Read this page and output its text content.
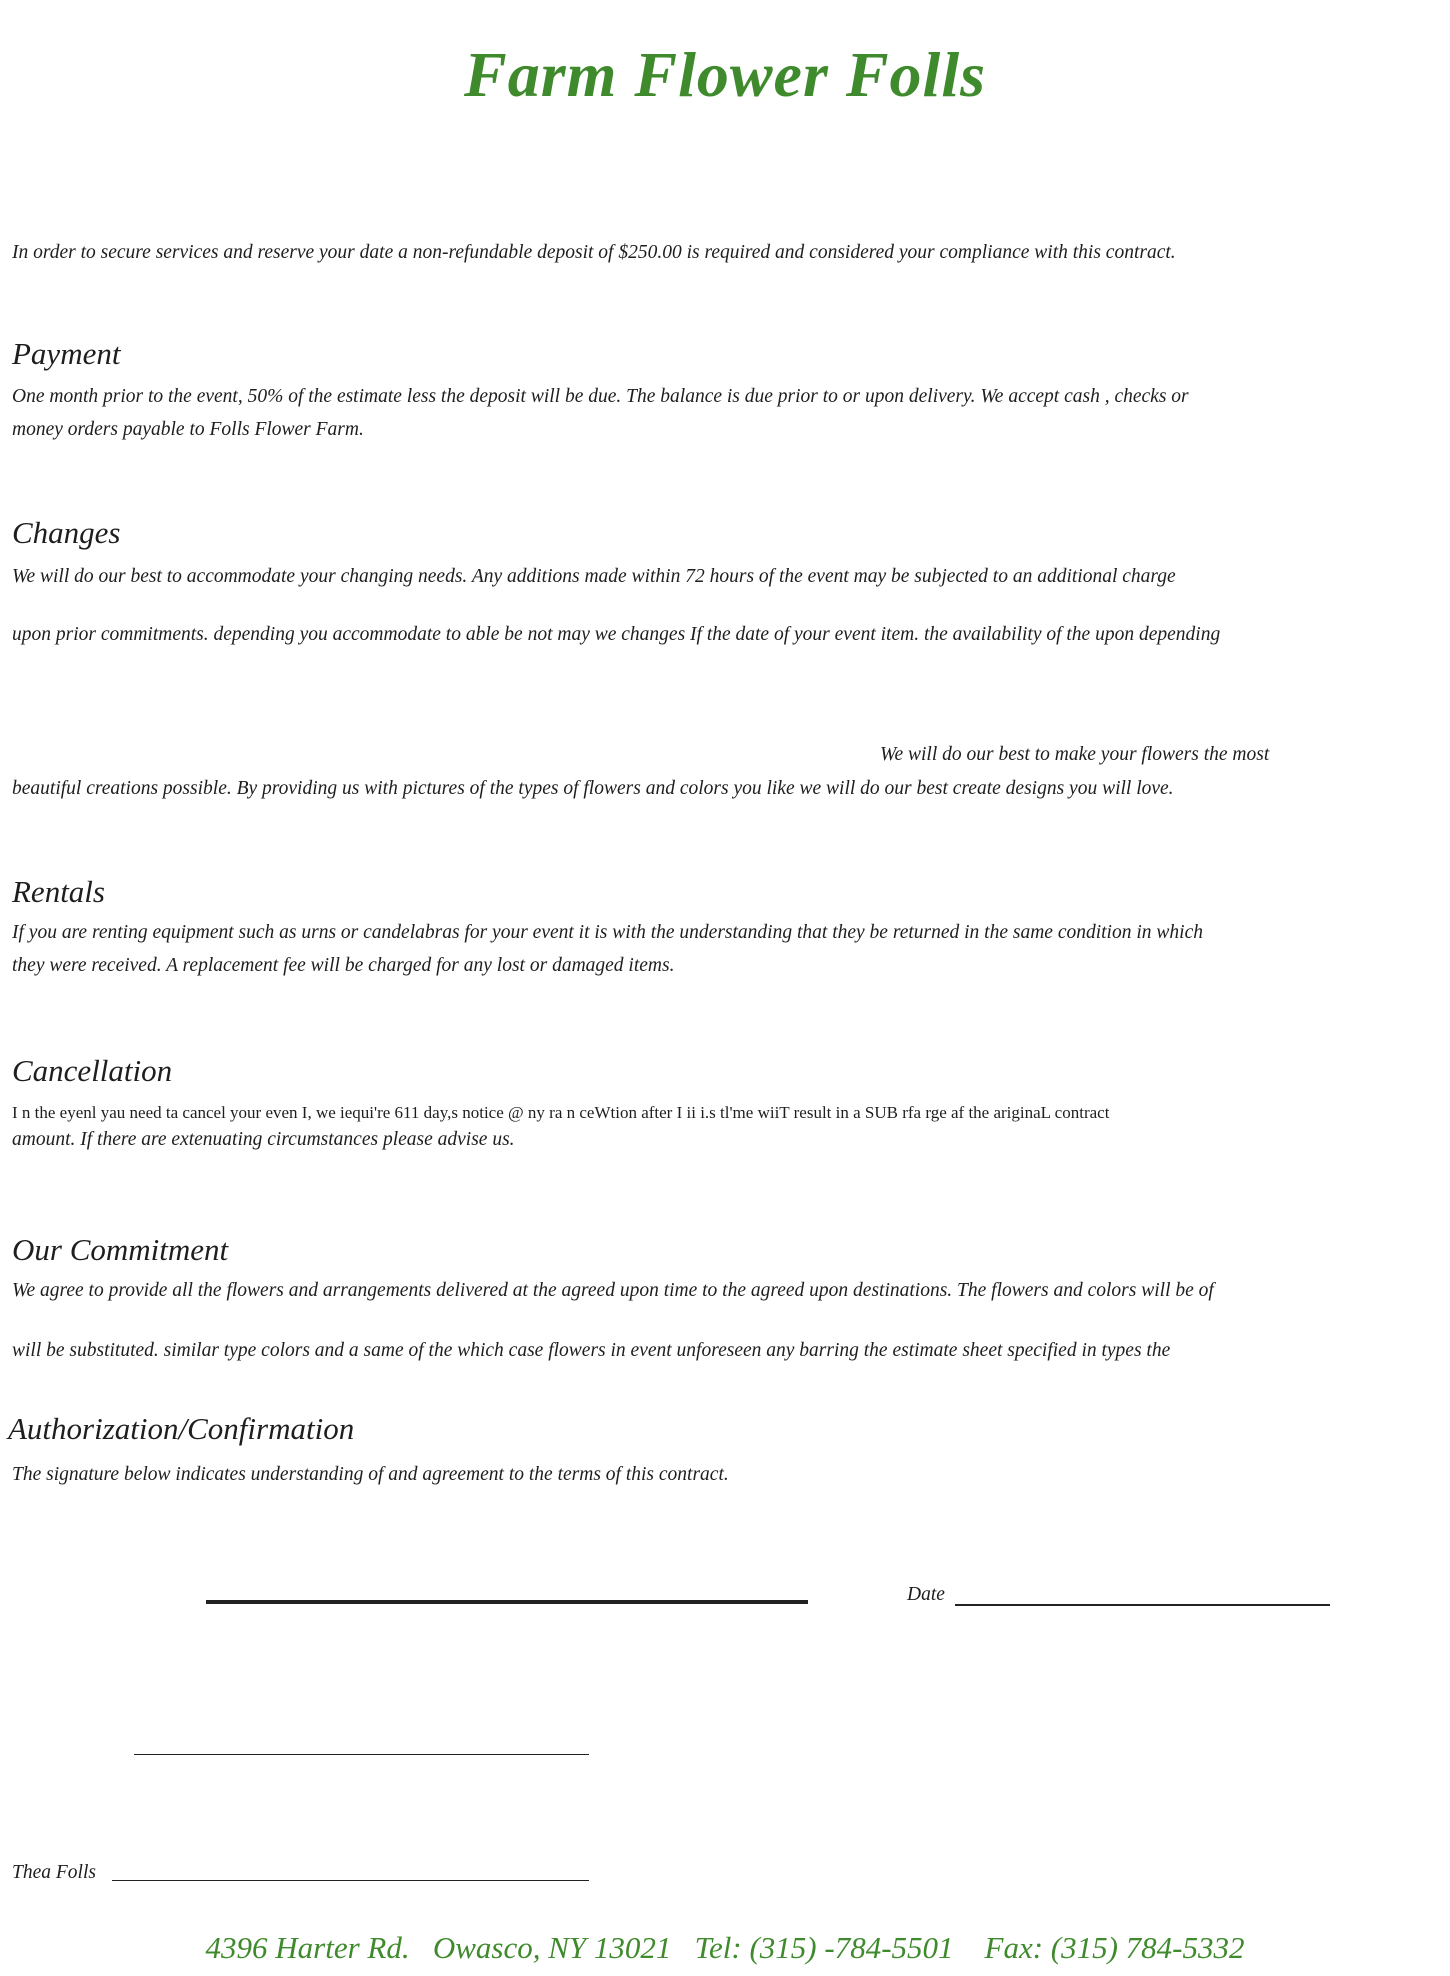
Farm Flower Folls
In order to secure services and reserve your date a non-refundable deposit of $250.00 is required and considered your compliance with this contract.
Payment
One month prior to the event, 50% of the estimate less the deposit will be due. The balance is due prior to or upon delivery. We accept cash , checks or
money orders payable to Folls Flower Farm.
Changes
We will do our best to accommodate your changing needs. Any additions made within 72 hours of the event may be subjected to an additional charge
upon prior commitments. depending you accommodate to able be not may we changes If the date of your event item. the availability of the upon depending
We will do our best to make your flowers the most
beautiful creations possible. By providing us with pictures of the types of flowers and colors you like we will do our best create designs you will love.
Rentals
If you are renting equipment such as urns or candelabras for your event it is with the understanding that they be returned in the same condition in which
they were received. A replacement fee will be charged for any lost or damaged items.
Cancellation
I n the eyenl yau need ta cancel your even I, we iequi're 611 day,s notice @ ny ra n ceWtion after I ii i.s tl'me wiiT result in a SUB rfa rge af the ariginaL contract
amount. If there are extenuating circumstances please advise us.
Our Commitment
We agree to provide all the flowers and arrangements delivered at the agreed upon time to the agreed upon destinations. The flowers and colors will be of
will be substituted. similar type colors and a same of the which case flowers in event unforeseen any barring the estimate sheet specified in types the
Authorization/Confirmation
The signature below indicates understanding of and agreement to the terms of this contract.
Date
Thea Folls
4396 Harter Rd.   Owasco, NY 13021   Tel: (315) -784-5501    Fax: (315) 784-5332
